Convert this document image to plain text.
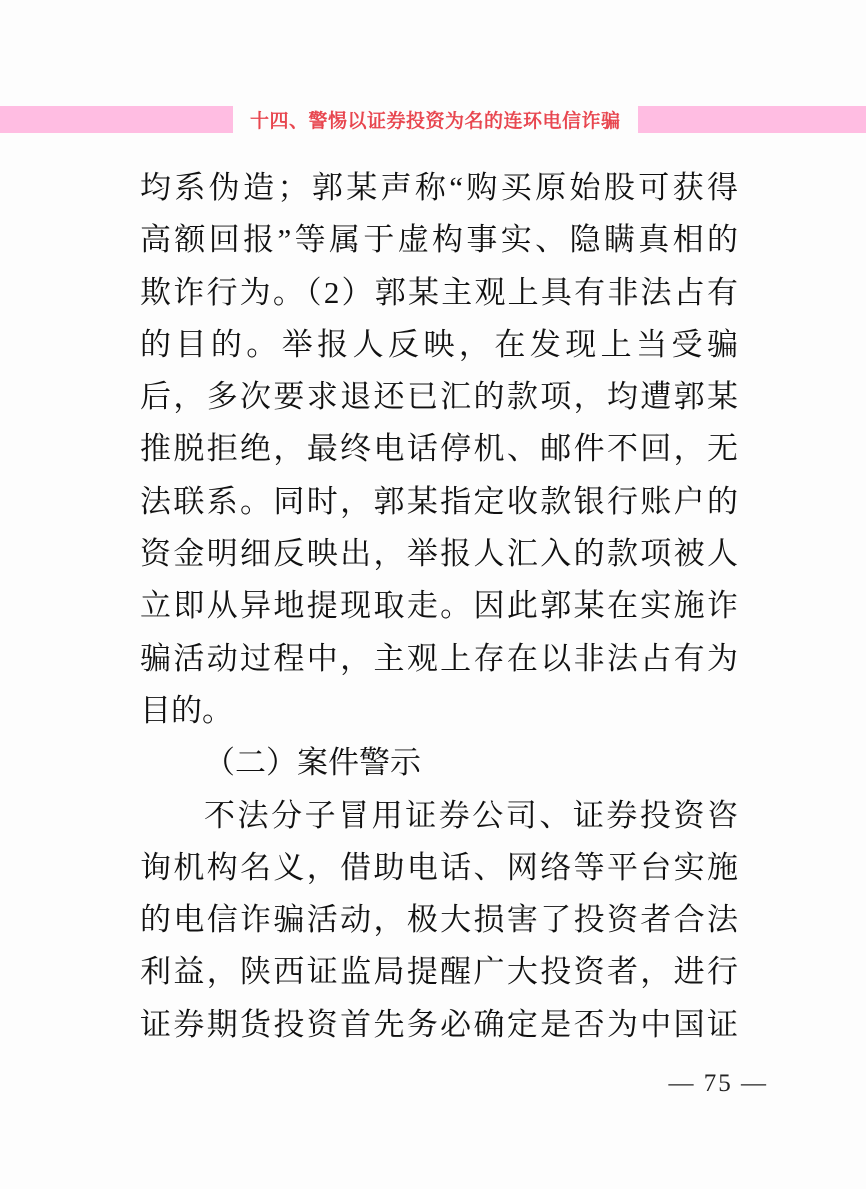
十四、警惕以证券投资为名的连环电信诈骗
均系伪造；郭某声称“购买原始股可获得
高额回报”等属于虚构事实、隐瞒真相的
欺诈行为。（2）郭某主观上具有非法占有
的目的。举报人反映，在发现上当受骗
后，多次要求退还已汇的款项，均遭郭某
推脱拒绝，最终电话停机、邮件不回，无
法联系。同时，郭某指定收款银行账户的
资金明细反映出，举报人汇入的款项被人
立即从异地提现取走。因此郭某在实施诈
骗活动过程中，主观上存在以非法占有为
目的。
（二）案件警示
不法分子冒用证券公司、证券投资咨
询机构名义，借助电话、网络等平台实施
的电信诈骗活动，极大损害了投资者合法
利益，陕西证监局提醒广大投资者，进行
证券期货投资首先务必确定是否为中国证
— 75 —
